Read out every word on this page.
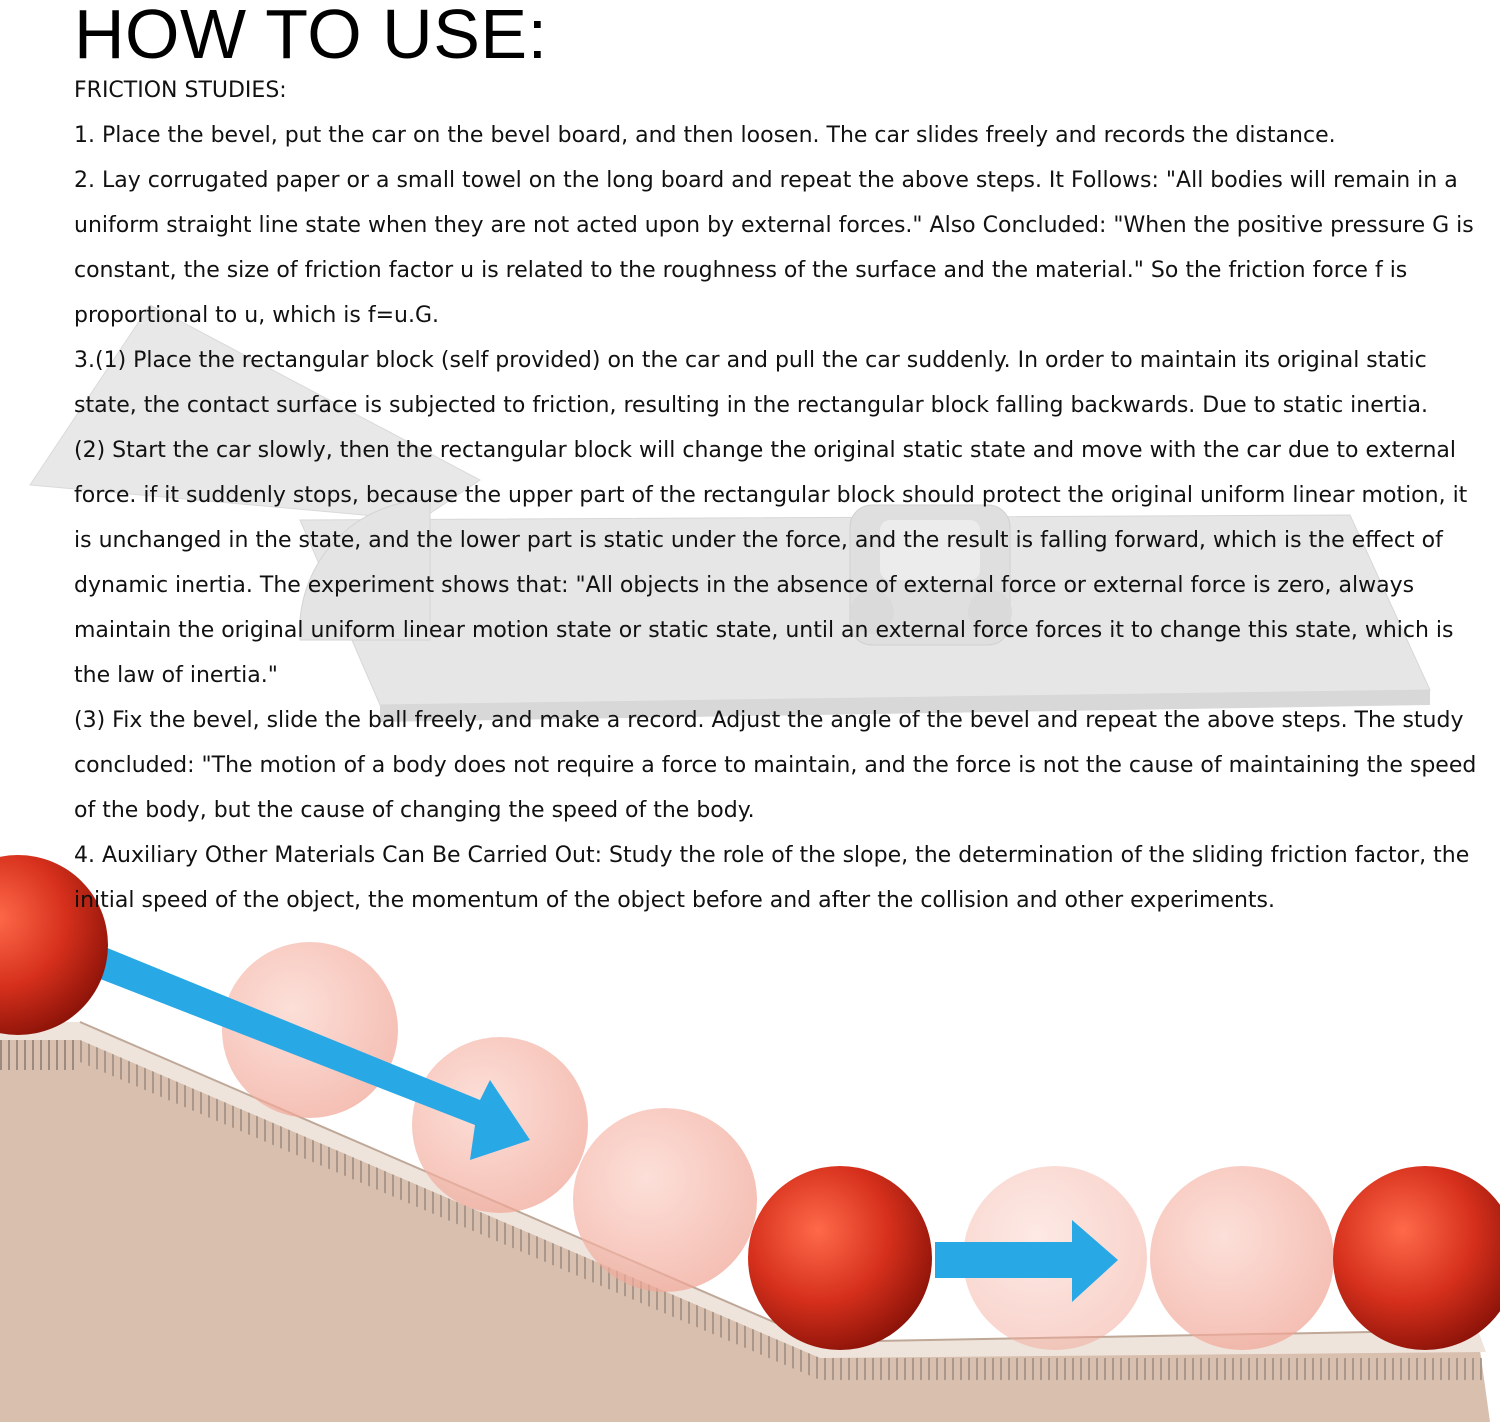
HOW TO USE:

FRICTION STUDIES:

1. Place the bevel, put the car on the bevel board, and then loosen. The car slides freely and records the distance.

2. Lay corrugated paper or a small towel on the long board and repeat the above steps. It Follows: "All bodies will remain in a uniform straight line state when they are not acted upon by external forces." Also Concluded: "When the positive pressure G is constant, the size of friction factor u is related to the roughness of the surface and the material." So the friction force f is proportional to u, which is f=u.G.

3.(1) Place the rectangular block (self provided) on the car and pull the car suddenly. In order to maintain its original static state, the contact surface is subjected to friction, resulting in the rectangular block falling backwards. Due to static inertia.

(2) Start the car slowly, then the rectangular block will change the original static state and move with the car due to external force. if it suddenly stops, because the upper part of the rectangular block should protect the original uniform linear motion, it is unchanged in the state, and the lower part is static under the force, and the result is falling forward, which is the effect of dynamic inertia. The experiment shows that: "All objects in the absence of external force or external force is zero, always maintain the original uniform linear motion state or static state, until an external force forces it to change this state, which is the law of inertia."

(3) Fix the bevel, slide the ball freely, and make a record. Adjust the angle of the bevel and repeat the above steps. The study concluded: "The motion of a body does not require a force to maintain, and the force is not the cause of maintaining the speed of the body, but the cause of changing the speed of the body.

4. Auxiliary Other Materials Can Be Carried Out: Study the role of the slope, the determination of the sliding friction factor, the initial speed of the object, the momentum of the object before and after the collision and other experiments.
